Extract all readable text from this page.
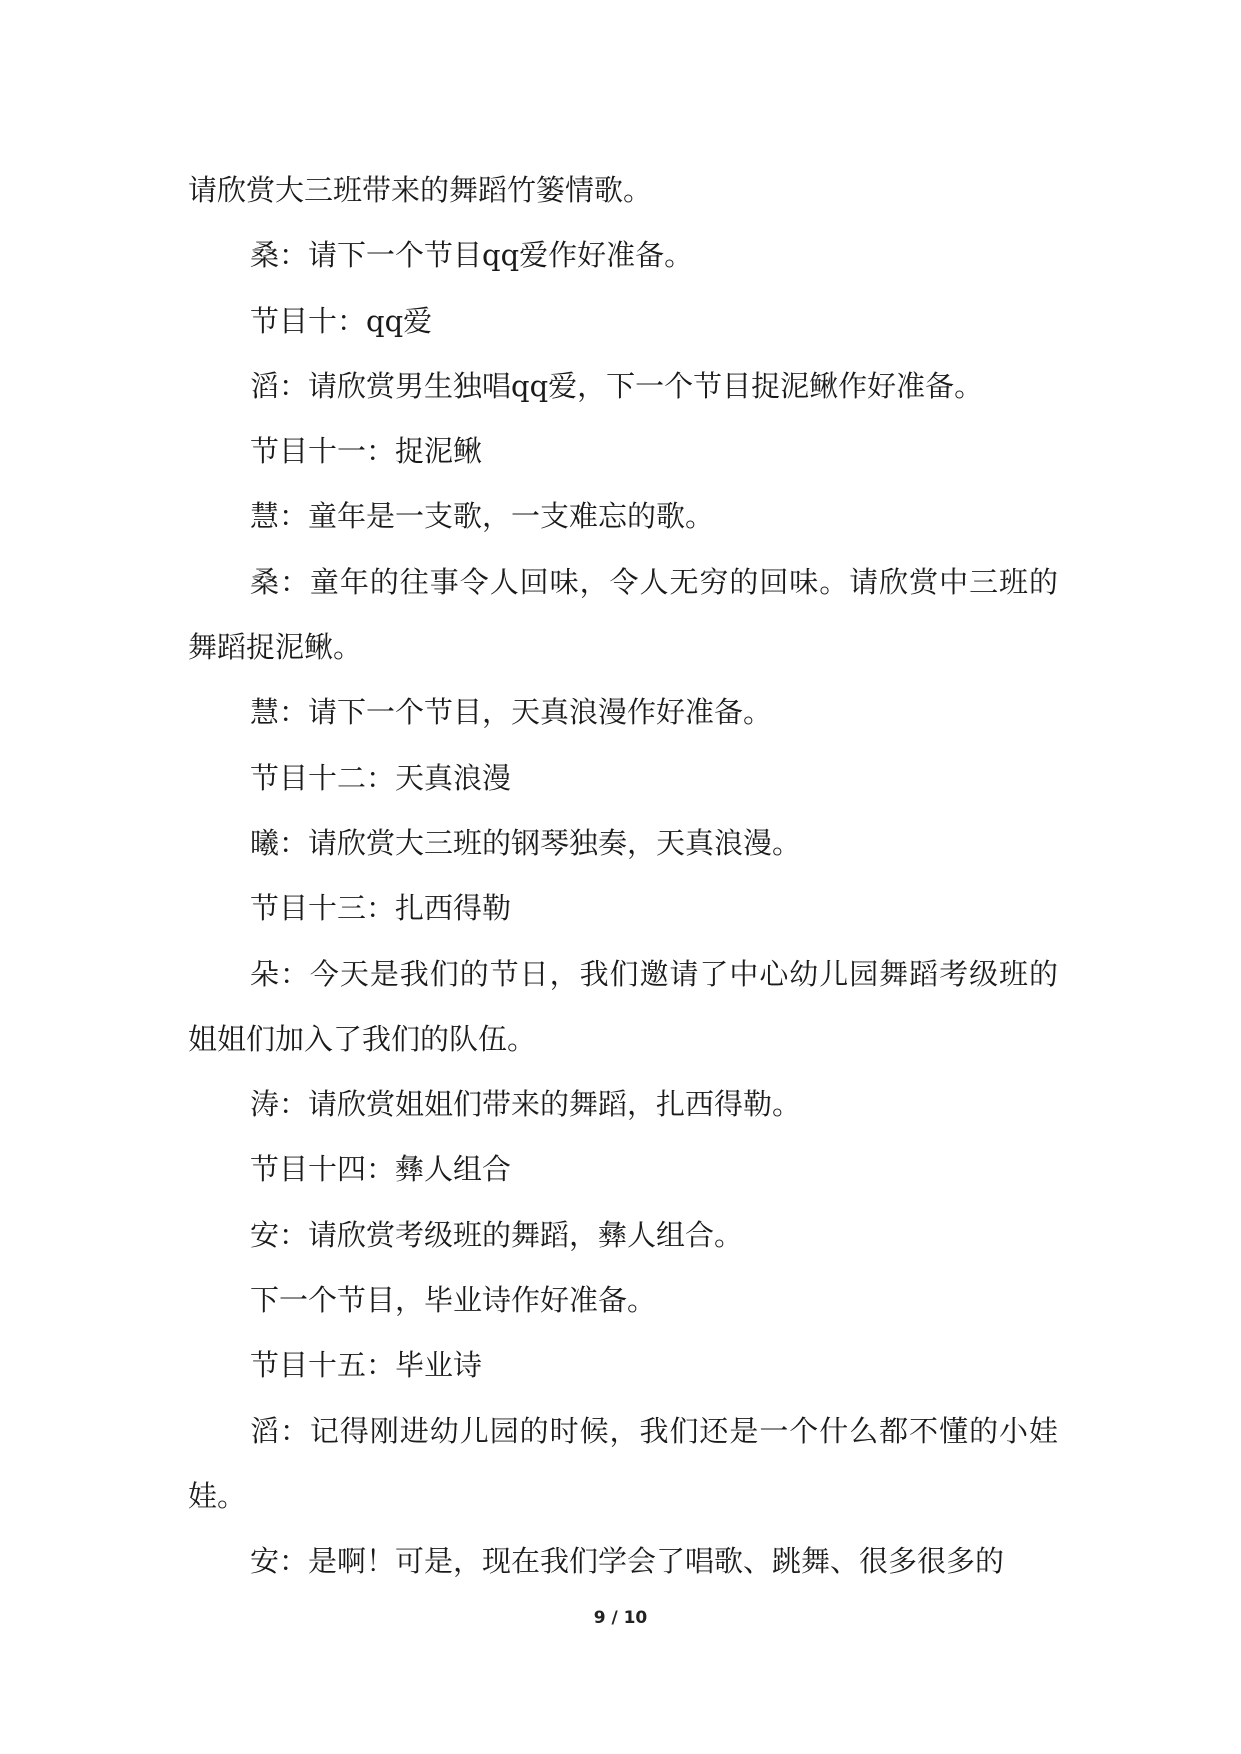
请欣赏大三班带来的舞蹈竹篓情歌。

桑：请下一个节目qq爱作好准备。

节目十：qq爱

滔：请欣赏男生独唱qq爱，下一个节目捉泥鳅作好准备。

节目十一：捉泥鳅

慧：童年是一支歌，一支难忘的歌。

桑：童年的往事令人回味，令人无穷的回味。请欣赏中三班的舞蹈捉泥鳅。

慧：请下一个节目，天真浪漫作好准备。

节目十二：天真浪漫

曦：请欣赏大三班的钢琴独奏，天真浪漫。

节目十三：扎西得勒

朵：今天是我们的节日，我们邀请了中心幼儿园舞蹈考级班的姐姐们加入了我们的队伍。

涛：请欣赏姐姐们带来的舞蹈，扎西得勒。

节目十四：彝人组合

安：请欣赏考级班的舞蹈，彝人组合。

下一个节目，毕业诗作好准备。

节目十五：毕业诗

滔：记得刚进幼儿园的时候，我们还是一个什么都不懂的小娃娃。

安：是啊！可是，现在我们学会了唱歌、跳舞、很多很多的

9 / 10
